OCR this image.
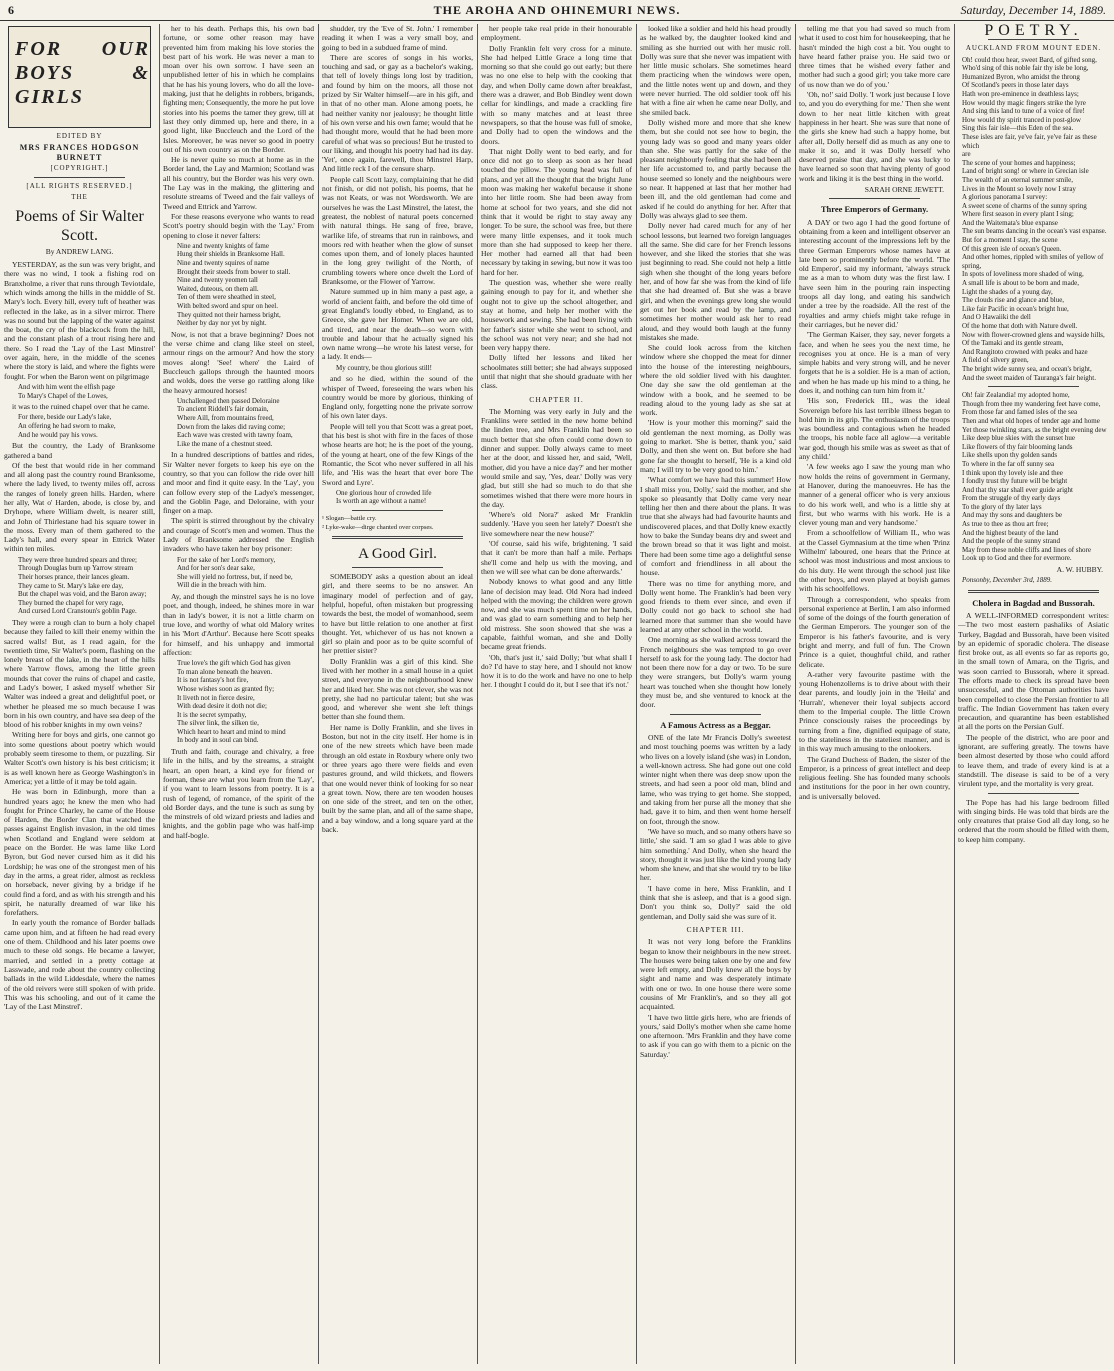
THE AROHA AND OHINEMURI NEWS.
6	Saturday, December 14, 1889.
FOR OUR BOYS & GIRLS
EDITED BY
MRS FRANCES HODGSON BURNETT
[COPYRIGHT.]
[ALL RIGHTS RESERVED.]
THE
Poems of Sir Walter Scott.
By ANDREW LANG.

YESTERDAY, as the sun was very bright, and there was no wind, I took a fishing rod on Branxholme, a river that runs through Teviotdale, which winds among the hills in the middle of St. Mary's loch. Every hill, every tuft of heather was reflected in the lake, as in a silver mirror. There was no sound but the lapping of the water against the boat, the cry of the blackcock from the hill, and the constant plash of a trout rising here and there. So I read the 'Lay of the Last Minstrel' over again, here, in the middle of the scenes where the story is laid, and where the fights were fought. For when the Baron went on pilgrimage

And with him went the elfish page
To Mary's Chapel of the Lowes,

it was to the ruined chapel over that he came.

For there, beside our Lady's lake,
An offering he had sworn to make,
And he would pay his vows.

But the country, the Lady of Branksome gathered a band

Of the best that would ride in her command and all along past the country round Branksome, where the lady lived, to twenty miles off, across the ranges of lonely green hills. Harden, where her ally, Wat o' Harden, abode, is close by, and Dryhope, where William dwelt, is nearer still, and John of Thirlestane had his square tower in the moss. Every man of them gathered to the Lady's hall, and every spear in Ettrick Water within ten miles.

They were three hundred spears and three;
Through Douglas burn up Yarrow stream
Their horses prance, their lances gleam.
They came to St. Mary's lake ere day,
But the chapel was void, and the Baron away;
They burned the chapel for very rage,
And cursed Lord Cranstoun's goblin Page.

They were a rough clan to burn a holy chapel because they failed to kill their enemy within the sacred walls! But, as I read again, for the twentieth time, Sir Walter's poem, flashing on the lonely breast of the lake, in the heart of the hills where Yarrow flows, among the little green mounds that cover the ruins of chapel and castle, and Lady's bower, I asked myself whether Sir Walter was indeed a great and delightful poet, or whether he pleased me so much because I was born in his own country, and have sea deep of the blood of his robber knights in my own veins?

Writing here for boys and girls, one cannot go into some questions about poetry which would probably seem tiresome to them, or puzzling. Sir Walter Scott's own history is his best criticism; it is as well known here as George Washington's in America; yet a little of it may be told again.

He was born in Edinburgh, more than a hundred years ago; he knew the men who had fought for Prince Charley, he came of the House of Harden, the Border Clan that watched the passes against English invasion, in the old times when Scotland and England were seldom at peace on the Border. He was lame like Lord Byron, but God never cursed him as it did his Lordship; he was one of the strongest men of his day in the arms, a great rider, almost as reckless on horseback, never giving by a bridge if he could find a ford, and as with his strength and his spirit, he naturally dreamed of war like his forefathers.

In early youth the romance of Border ballads came upon him, and at fifteen he had read every one of them. Childhood and his later poems owe much to these old songs. He became a lawyer, married, and settled in a pretty cottage at Lasswade, and rode about the country collecting ballads in the wild Liddesdale, where the names of the old reivers were still spoken of with pride. This was his schooling, and out of it came the 'Lay of the Last Minstrel'.

her to his death. Perhaps this, his own bad fortune, or some other reason may have prevented him from making his love stories the best part of his work. He was never a man to moan over his own sorrow. I have seen an unpublished letter of his in which he complains that he has his young lovers, who do all the love-making, just that he delights in robbers, brigands, fighting men; Consequently, the more he put love stories into his poems the tamer they grew, till at last they only dimmed up, here and there, in a good light, like Buccleuch and the Lord of the Isles. Moreover, he was never so good in poetry out of his own country as on the Border.

He is never quite so much at home as in the Border land, the Lay and Marmion; Scotland was all his country, but the Border was his very own. The Lay was in the making, the glittering and resolute streams of Tweed and the fair valleys of Tweed and Ettrick and Yarrow.

For these reasons everyone who wants to read Scott's poetry should begin with the 'Lay.' From opening to close it never falters:

Nine and twenty knights of fame
Hung their shields in Branksome Hall.
Nine and twenty squires of name
Brought their steeds from bower to stall.
Nine and twenty yeomen tall
Waited, duteous, on them all.
Ten of them were sheathed in steel,
With belted sword and spur on heel.
They quitted not their harness bright,
Neither by day nor yet by night.

Now, is not that a brave beginning? Does not the verse chime and clang like steel on steel, armour rings on the armour? And how the story moves along! 'See! where' the Laird of Buccleuch gallops through the haunted moors and wolds, does the verse go rattling along like the heavy armoured horses!

Unchallenged then passed Deloraine
To ancient Riddell's fair domain,
Where Aill, from mountains freed,
Down from the lakes did raving come;
Each wave was crested with tawny foam,
Like the mane of a chestnut steed.

In a hundred descriptions of battles and rides, Sir Walter never forgets to keep his eye on the country, so that you can follow the ride over hill and moor and find it quite easy. In the 'Lay', you can follow every step of the Ladye's messenger, and the Goblin Page, and Deloraine, with your finger on a map.

The spirit is stirred throughout by the chivalry and courage of Scott's men and women. Thus the Lady of Branksome addressed the English invaders who have taken her boy prisoner:

For the sake of her Lord's memory,
And for her son's dear sake,
She will yield no fortress, but, if need be,
Will die in the breach with him.

Ay, and though the minstrel says he is no love poet, and though, indeed, he shines more in war than in lady's bower, it is not a little charm on true love, and worthy of what old Malory writes in his 'Mort d'Arthur'. Because here Scott speaks for himself, and his unhappy and immortal affection:

True love's the gift which God has given
To man alone beneath the heaven.
It is not fantasy's hot fire,
Whose wishes soon as granted fly;
It liveth not in fierce desire,
With dead desire it doth not die;
It is the secret sympathy,
The silver link, the silken tie,
Which heart to heart and mind to mind
In body and in soul can bind.

Truth and faith, courage and chivalry, a free life in the hills, and by the streams, a straight heart, an open heart, a kind eye for friend or foeman, these are what you learn from the 'Lay', if you want to learn lessons from poetry. It is a rush of legend, of romance, of the spirit of the old Border days, and the tune is such as sung by the minstrels of old wizard priests and ladies and knights, and the goblin page who was half-imp and half-bogle.

shudder, try the 'Eve of St. John.' I remember reading it when I was a very small boy, and going to bed in a subdued frame of mind.

There are scores of songs in his works, touching and sad, or gay as a bachelor's waking, that tell of lovely things long lost by tradition, and found by him on the moors, all those not prized by Sir Walter himself—are in his gift, and in that of no other man. Alone among poets, he had neither vanity nor jealousy; he thought little of his own verse and his own fame; would that he had thought more, would that he had been more careful of what was so precious! But he trusted to our liking, and thought his poetry had had its day. 'Yet', once again, farewell, thou Minstrel Harp, And little reck I of the censure sharp.

People call Scott lazy, complaining that he did not finish, or did not polish, his poems, that he was not Keats, or was not Wordsworth. We are ourselves he was the Last Minstrel, the latest, the greatest, the noblest of natural poets concerned with natural things. He sang of free, brave, warlike life, of streams that run in rainbows, and moors red with heather when the glow of sunset comes upon them, and of lonely places haunted in the long grey twilight of the North, of crumbling towers where once dwelt the Lord of Branksome, or the Flower of Yarrow.

Nature summed up in him many a past age, a world of ancient faith, and before the old time of great England's loudly ebbed, to England, as to Greece, she gave her Homer. When we are old, and tired, and near the death—so worn with trouble and labour that he actually signed his own name wrong—he wrote his latest verse, for a lady. It ends—

My country, be thou glorious still!

and so he died, within the sound of the whisper of Tweed, foreseeing the wars when his country would be more by glorious, thinking of England only, forgetting none the private sorrow of his own later days.

People will tell you that Scott was a great poet, that his best is shot with fire in the faces of those whose hearts are hot; he is the poet of the young, of the young at heart, one of the few Kings of the Romantic, the Scot who never suffered in all his life, and 'His was the heart that ever bore The Sword and Lyre'.

One glorious hour of crowded life
Is worth an age without a name!

¹ Slogan—battle cry.

² Lyke-wake—dirge chanted over corpses.

A Good Girl.

SOMEBODY asks a question about an ideal girl, and there seems to be no answer. An imaginary model of perfection and of gay, helpful, hopeful, often mistaken but progressing towards the best, the model of womanhood, seem to have but little relation to one another at first thought. Yet, whichever of us has not known a girl so plain and poor as to be quite scornful of her prettier sister?

Dolly Franklin was a girl of this kind. She lived with her mother in a small house in a quiet street, and everyone in the neighbourhood knew her and liked her. She was not clever, she was not pretty, she had no particular talent; but she was good, and wherever she went she left things better than she found them.

Her name is Dolly Franklin, and she lives in Boston, but not in the city itself. Her home is in one of the new streets which have been made through an old estate in Roxbury where only two or three years ago there were fields and even pastures ground, and wild thickets, and flowers that one would never think of looking for so near a great town. Now, there are ten wooden houses on one side of the street, and ten on the other, built by the same plan, and all of the same shape, and a bay window, and a long square yard at the back.

her people take real pride in their honourable employment.

Dolly Franklin felt very cross for a minute. She had helped Little Grace a long time that morning so that she could go out early; but there was no one else to help with the cooking that day, and when Dolly came down after breakfast, there was a drawer, and Bob Bindley went down cellar for kindlings, and made a crackling fire with so many matches and at least three newspapers, so that the house was full of smoke, and Dolly had to open the windows and the doors.

That night Dolly went to bed early, and for once did not go to sleep as soon as her head touched the pillow. The young head was full of plans, and yet all the thought that the bright June moon was making her wakeful because it shone into her little room. She had been away from home at school for two years, and she did not think that it would be right to stay away any longer. To be sure, the school was free, but there were many little expenses, and it took much more than she had supposed to keep her there. Her mother had earned all that had been necessary by taking in sewing, but now it was too hard for her.

The question was, whether she were really gaining enough to pay for it, and whether she ought not to give up the school altogether, and stay at home, and help her mother with the housework and sewing. She had been living with her father's sister while she went to school, and the school was not very near; and she had not been very happy there.

Dolly lifted her lessons and liked her schoolmates still better; she had always supposed until that night that she should graduate with her class.

CHAPTER II.

The Morning was very early in July and the Franklins were settled in the new home behind the linden tree, and Mrs Franklin had been so much better that she often could come down to dinner and supper. Dolly always came to meet her at the door, and kissed her, and said, 'Well, mother, did you have a nice day?' and her mother would smile and say, 'Yes, dear.' Dolly was very glad, but still she had so much to do that she sometimes wished that there were more hours in the day.

'Where's old Nora?' asked Mr Franklin suddenly. 'Have you seen her lately?' Doesn't she live somewhere near the new house?'

'Of course, said his wife, brightening. 'I said that it can't be more than half a mile. Perhaps she'll come and help us with the moving, and then we will see what can be done afterwards.'

Nobody knows to what good and any little lane of decision may lead. Old Nora had indeed helped with the moving; the children were grown now, and she was much spent time on her hands, and was glad to earn something and to help her old mistress. She soon showed that she was a capable, faithful woman, and she and Dolly became great friends.

'Oh, that's just it,' said Dolly; 'but what shall I do? I'd have to stay here, and I should not know how it is to do the work and have no one to help her. I thought I could do it, but I see that it's not.'

looked like a soldier and held his head proudly as he walked by, the daughter looked kind and smiling as she hurried out with her music roll. Dolly was sure that she never was impatient with her little music scholars. She sometimes heard them practicing when the windows were open, and the little notes went up and down, and they were never hurried. The old soldier took off his hat with a fine air when he came near Dolly, and she smiled back.

Dolly wished more and more that she knew them, but she could not see how to begin, the young lady was so good and many years older than she. She was partly for the sake of the pleasant neighbourly feeling that she had been all her life accustomed to, and partly because the house seemed so lonely and the neighbours were so near. It happened at last that her mother had been ill, and the old gentleman had come and asked if he could do anything for her. After that Dolly was always glad to see them.

Dolly never had cared much for any of her school lessons, but learned two foreign languages all the same. She did care for her French lessons however, and she liked the stories that she was just beginning to read. She could not help a little sigh when she thought of the long years before her, and of how far she was from the kind of life that she had dreamed of. But she was a brave girl, and when the evenings grew long she would get out her book and read by the lamp, and sometimes her mother would ask her to read aloud, and they would both laugh at the funny mistakes she made.

She could look across from the kitchen window where she chopped the meat for dinner into the house of the interesting neighbours, where the old soldier lived with his daughter. One day she saw the old gentleman at the window with a book, and he seemed to be reading aloud to the young lady as she sat at work.

'How is your mother this morning?' said the old gentleman the next morning, as Dolly was going to market. 'She is better, thank you,' said Dolly, and then she went on. But before she had gone far she thought to herself, 'He is a kind old man; I will try to be very good to him.'

'What comfort we have had this summer! How I shall miss you, Dolly,' said the mother, and she spoke so pleasantly that Dolly came very near telling her then and there about the plans. It was true that she always had had favourite haunts and undiscovered places, and that Dolly knew exactly how to bake the Sunday beans dry and sweet and the brown bread so that it was light and moist. There had been some time ago a delightful sense of comfort and friendliness in all about the house.

There was no time for anything more, and Dolly went home. The Franklin's had been very good friends to them ever since, and even if Dolly could not go back to school she had learned more that summer than she would have learned at any other school in the world.

One morning as she walked across toward the French neighbours she was tempted to go over herself to ask for the young lady. The doctor had not been there now for a day or two. To be sure they were strangers, but Dolly's warm young heart was touched when she thought how lonely they must be, and she ventured to knock at the door.

A Famous Actress as a Beggar.

ONE of the late Mr Francis Dolly's sweetest and most touching poems was written by a lady who lives on a lovely island (she was) in London, a well-known actress. She had gone out one cold winter night when there was deep snow upon the streets, and had seen a poor old man, blind and lame, who was trying to get home. She stopped, and taking from her purse all the money that she had, gave it to him, and then went home herself on foot, through the snow.

'We have so much, and so many others have so little,' she said. 'I am so glad I was able to give him something.' And Dolly, when she heard the story, thought it was just like the kind young lady whom she knew, and that she would try to be like her.

'I have come in here, Miss Franklin, and I think that she is asleep, and that is a good sign. Don't you think so, Dolly?' said the old gentleman, and Dolly said she was sure of it.

CHAPTER III.

It was not very long before the Franklins began to know their neighbours in the new street. The houses were being taken one by one and few were left empty, and Dolly knew all the boys by sight and name and was desperately intimate with one or two. In one house there were some cousins of Mr Franklin's, and so they all got acquainted.

'I have two little girls here, who are friends of yours,' said Dolly's mother when she came home one afternoon. 'Mrs Franklin and they have come to ask if you can go with them to a picnic on the Saturday.'

POETRY.
AUCKLAND FROM MOUNT EDEN.

Oh! could thou hear, sweet Bard, of gifted song,
Who'd sing of this noble fair thy isle be long,
Humanized Byron, who amidst the throng
Of Scotland's peers in those later days
Hath won pre-eminence in deathless lays;
How would thy magic fingers strike the lyre
And sing this land to tune of a voice of fire!
How would thy spirit tranced in post-glow
Sing this fair isle—this Eden of the sea.
These isles are fair, ye've fair, ye've fair as these which
are
The scene of your homes and happiness;
Land of bright song! or where in Grecian isle
The wealth of an eternal summer smile,
Lives in the Mount so lovely now I stray
A glorious panorama I survey:
A sweet scene of charms of the sunny spring
Where first season in every plant I sing;
And the Waitemata's blue expanse
The sun beams dancing in the ocean's vast expanse.
But for a moment I stay, the scene
Of this green isle of ocean's Queen.
And other homes, rippled with smiles of yellow of spring,
In spots of loveliness more shaded of wing,
A small life is about to be born and made,
Light the shades of a young day,
The clouds rise and glance and blue,
Like fair Pacific in ocean's bright hue,
And O Hawaiiki the dell
Of the home that doth with Nature dwell.
Now with flower-crowned glens and wayside hills,
Of the Tamaki and its gentle stream,
And Rangitoto crowned with peaks and haze
A field of silvery green,
The bright wide sunny sea, and ocean's bright,
And the sweet maiden of Tauranga's fair height.

Oh! fair Zealandia! my adopted home,
Though from thee my wandering feet have come,
From those far and famed isles of the sea
Then and what old hopes of tender age and home
Yet those twinkling stars, as the bright evening dew
Like deep blue skies with the sunset hue
Like flowers of thy fair blooming lands
Like shells upon thy golden sands
To where in the far off sunny sea
I think upon thy lovely isle and thee
I fondly trust thy future will be bright
And that thy star shall ever guide aright
From the struggle of thy early days
To the glory of thy later lays
And may thy sons and daughters be
As true to thee as thou art free;
And the highest beauty of the land
And the people of the sunny strand
May from these noble cliffs and lines of shore
Look up to God and thee for evermore.

A. W. HUBBY.
Ponsonby, December 3rd, 1889.
Cholera in Bagdad and Bussorah.

A WELL-INFORMED correspondent writes:—The two most eastern pashaliks of Asiatic Turkey, Bagdad and Bussorah, have been visited by an epidemic of sporadic cholera. The disease first broke out, as all events so far as reports go, in the small town of Amara, on the Tigris, and was soon carried to Bussorah, where it spread. The efforts made to check its spread have been unsuccessful, and the Ottoman authorities have been compelled to close the Persian frontier to all traffic. The Indian Government has taken every precaution, and quarantine has been established at all the ports on the Persian Gulf.

The people of the district, who are poor and ignorant, are suffering greatly. The towns have been almost deserted by those who could afford to leave them, and trade of every kind is at a standstill. The disease is said to be of a very virulent type, and the mortality is very great.

The Pope has had his large bedroom filled with singing birds. He was told that birds are the only creatures that praise God all day long, so he ordered that the room should be filled with them, to keep him company.

telling me that you had saved so much from what it used to cost him for housekeeping, that he hasn't minded the high cost a bit. You ought to have heard father praise you. He said two or three times that he wished every father and mother had such a good girl; you take more care of us now than we do of you.'

'Oh, no!' said Dolly. 'I work just because I love to, and you do everything for me.' Then she went down to her neat little kitchen with great happiness in her heart. She was sure that none of the girls she knew had such a happy home, but after all, Dolly herself did as much as any one to make it so, and it was Dolly herself who deserved praise that day, and she was lucky to have learned so soon that having plenty of good work and liking it is the best thing in the world.

SARAH ORNE JEWETT.
Three Emperors of Germany.

A DAY or two ago I had the good fortune of obtaining from a keen and intelligent observer an interesting account of the impressions left by the three German Emperors whose names have at late been so prominently before the world. 'The old Emperor', said my informant, 'always struck me as a man to whom duty was the first law. I have seen him in the pouring rain inspecting troops all day long, and eating his sandwich under a tree by the roadside. All the rest of the royalties and army chiefs might take refuge in their carriages, but he never did.'

'The German Kaiser, they say, never forgets a face, and when he sees you the next time, he recognises you at once. He is a man of very simple habits and very strong will, and he never forgets that he is a soldier. He is a man of action, and when he has made up his mind to a thing, he does it, and nothing can turn him from it.'

'His son, Frederick III., was the ideal Sovereign before his last terrible illness began to hold him in its grip. The enthusiasm of the troops was boundless and contagious when he headed the troops, his noble face all aglow—a veritable war god, though his smile was as sweet as that of any child.'

'A few weeks ago I saw the young man who now holds the reins of government in Germany, at Hanover, during the manoeuvres. He has the manner of a general officer who is very anxious to do his work well, and who is a little shy at first, but who warms with his work. He is a clever young man and very handsome.'

From a schoolfellow of William II., who was at the Cassel Gymnasium at the time when 'Prinz Wilhelm' laboured, one hears that the Prince at school was most industrious and most anxious to do his duty. He went through the school just like the other boys, and even played at boyish games with his schoolfellows.

Through a correspondent, who speaks from personal experience at Berlin, I am also informed of some of the doings of the fourth generation of the German Emperors. The younger son of the Emperor is his father's favourite, and is very bright and merry, and full of fun. The Crown Prince is a quiet, thoughtful child, and rather delicate.

A-rather very favourite pastime with the young Hohenzollerns is to drive about with their dear parents, and loudly join in the 'Heila' and 'Hurrah', whenever their loyal subjects accord them to the Imperial couple. The little Crown Prince consciously raises the proceedings by turning from a fine, dignified equipage of state, to the stateliness in the stateliest manner, and is in this way much amusing to the onlookers.

The Grand Duchess of Baden, the sister of the Emperor, is a princess of great intellect and deep religious feeling. She has founded many schools and institutions for the poor in her own country, and is universally beloved.
